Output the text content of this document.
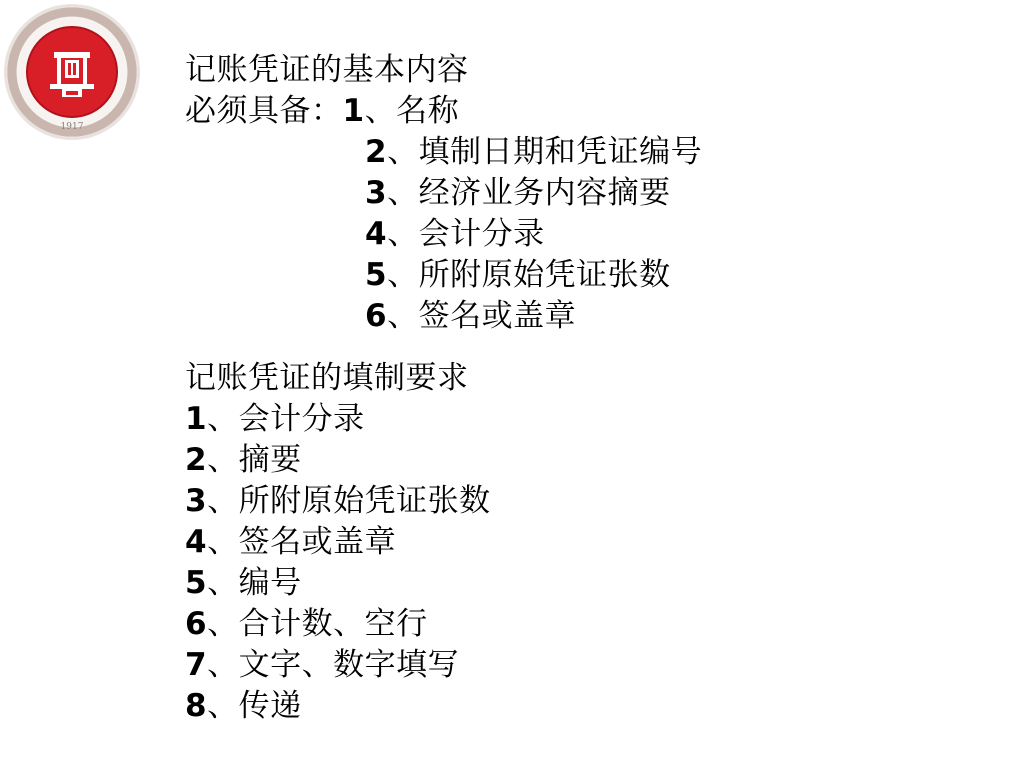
1917
记账凭证的基本内容
必须具备：1、名称
2、填制日期和凭证编号
3、经济业务内容摘要
4、会计分录
5、所附原始凭证张数
6、签名或盖章
记账凭证的填制要求
1、会计分录
2、摘要
3、所附原始凭证张数
4、签名或盖章
5、编号
6、合计数、空行
7、文字、数字填写
8、传递
